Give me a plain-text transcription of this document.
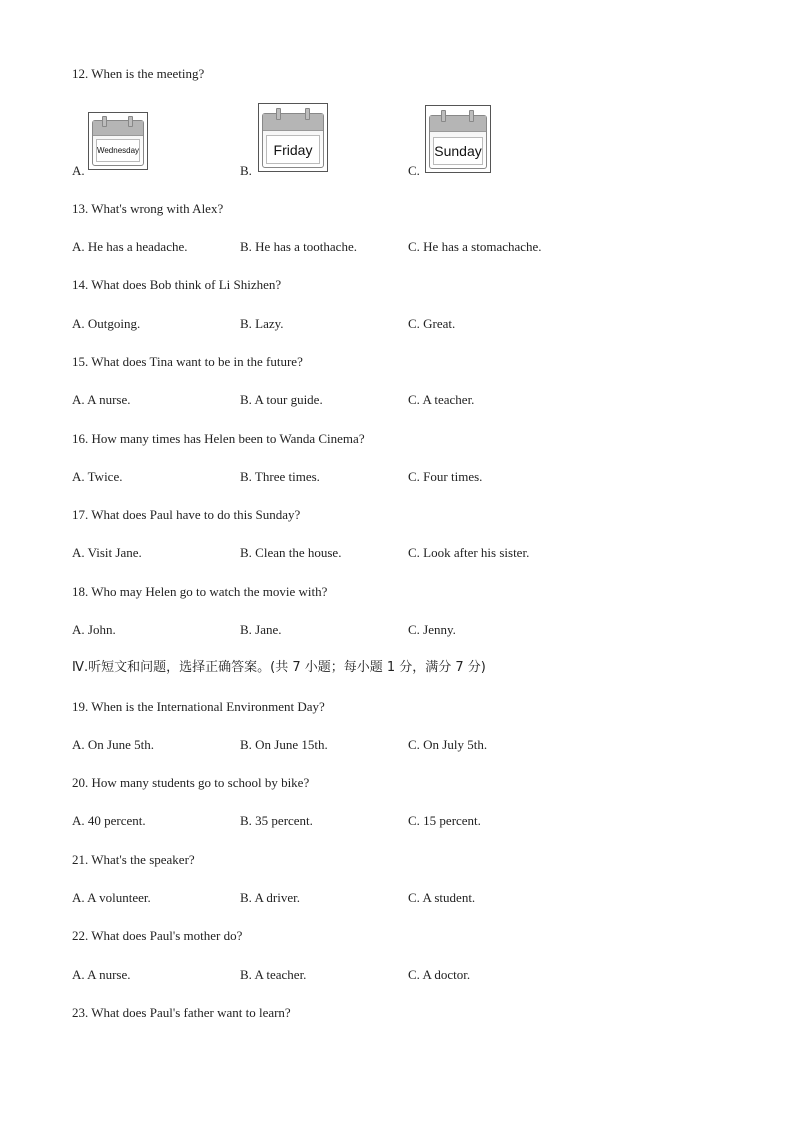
12. When is the meeting?
A.
Wednesday
B.
Friday
C.
Sunday
13. What's wrong with Alex?
A. He has a headache.	B. He has a toothache.	C. He has a stomachache.
14. What does Bob think of Li Shizhen?
A. Outgoing.	B. Lazy.	C. Great.
15. What does Tina want to be in the future?
A. A nurse.	B. A tour guide.	C. A teacher.
16. How many times has Helen been to Wanda Cinema?
A. Twice.	B. Three times.	C. Four times.
17. What does Paul have to do this Sunday?
A. Visit Jane.	B. Clean the house.	C. Look after his sister.
18. Who may Helen go to watch the movie with?
A. John.	B. Jane.	C. Jenny.
Ⅳ.听短文和问题，选择正确答案。(共 7 小题；每小题 1 分，满分 7 分)
19. When is the International Environment Day?
A. On June 5th.	B. On June 15th.	C. On July 5th.
20. How many students go to school by bike?
A. 40 percent.	B. 35 percent.	C. 15 percent.
21. What's the speaker?
A. A volunteer.	B. A driver.	C. A student.
22. What does Paul's mother do?
A. A nurse.	B. A teacher.	C. A doctor.
23. What does Paul's father want to learn?
